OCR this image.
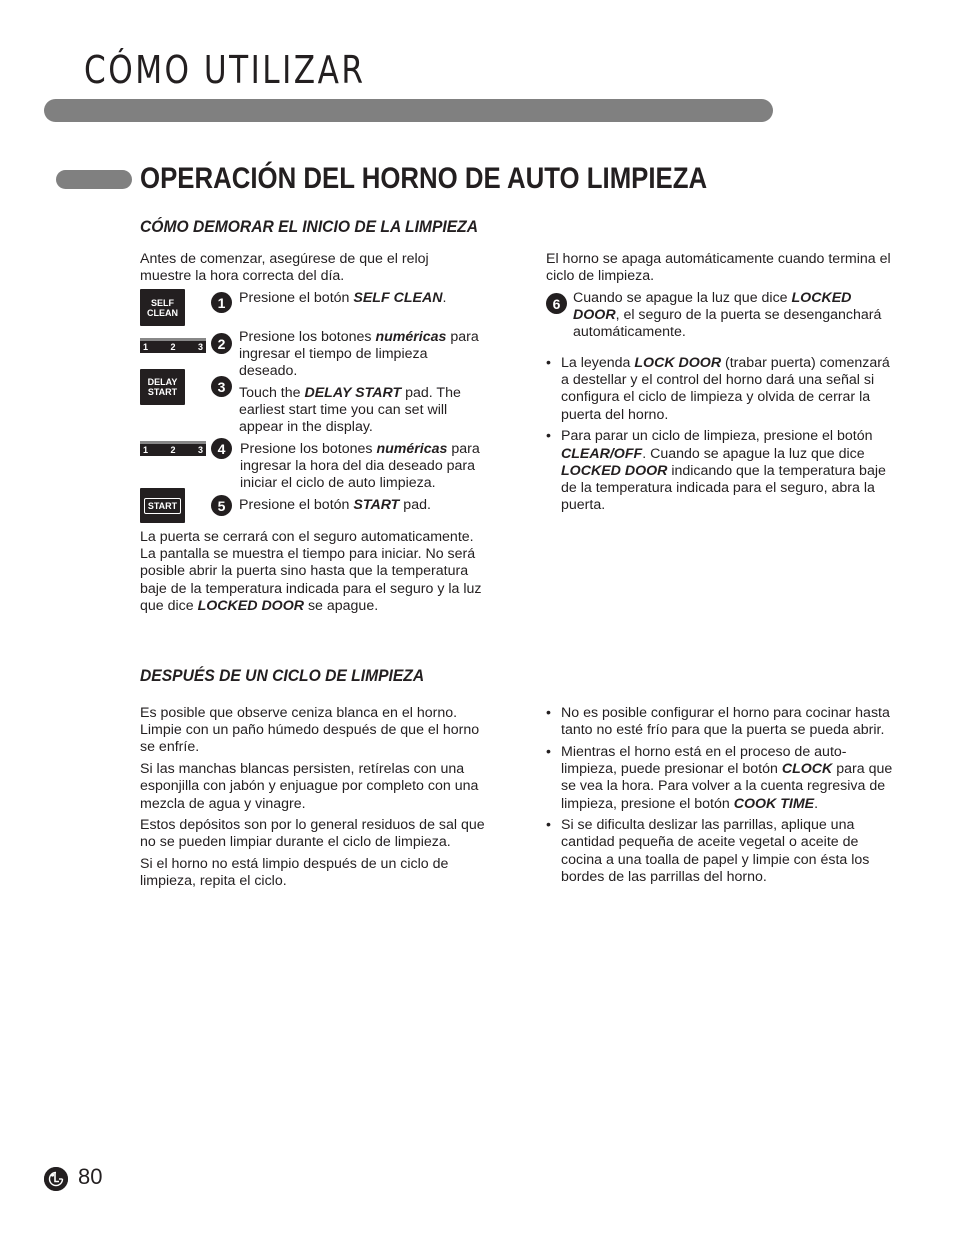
CÓMO UTILIZAR
OPERACIÓN DEL HORNO DE AUTO LIMPIEZA
CÓMO DEMORAR EL INICIO DE LA LIMPIEZA

Antes de comenzar, asegúrese de que el reloj muestre la hora correcta del día.

SELF
CLEAN
1 2 3
DELAY
START
1 2 3
START
1 Presione el botón SELF CLEAN.
2 Presione los botones numéricas para ingresar el tiempo de limpieza deseado.
3 Touch the DELAY START pad. The earliest start time you can set will appear in the display.
4	Presione los botones numéricas para ingresar la hora del dia deseado para iniciar el ciclo de auto limpieza.
5 Presione el botón START pad.

La puerta se cerrará con el seguro automaticamente. La pantalla se muestra el tiempo para iniciar. No será posible abrir la puerta sino hasta que la temperatura baje de la temperatura indicada para el seguro y la luz que dice LOCKED DOOR se apague.

El horno se apaga automáticamente cuando termina el ciclo de limpieza.

6 Cuando se apague la luz que dice LOCKED DOOR, el seguro de la puerta se desenganchará automáticamente.
• La leyenda LOCK DOOR (trabar puerta) comenzará a destellar y el control del horno dará una señal si configura el ciclo de limpieza y olvida de cerrar la puerta del horno.
• Para parar un ciclo de limpieza, presione el botón CLEAR/OFF. Cuando se apague la luz que dice LOCKED DOOR indicando que la temperatura baje de la temperatura indicada para el seguro, abra la puerta.
DESPUÉS DE UN CICLO DE LIMPIEZA

Es posible que observe ceniza blanca en el horno. Limpie con un paño húmedo después de que el horno se enfríe.

Si las manchas blancas persisten, retírelas con una esponjilla con jabón y enjuague por completo con una mezcla de agua y vinagre.

Estos depósitos son por lo general residuos de sal que no se pueden limpiar durante el ciclo de limpieza.

Si el horno no está limpio después de un ciclo de limpieza, repita el ciclo.

• No es posible configurar el horno para cocinar hasta tanto no esté frío para que la puerta se pueda abrir.
• Mientras el horno está en el proceso de auto-limpieza, puede presionar el botón CLOCK para que se vea la hora. Para volver a la cuenta regresiva de limpieza, presione el botón COOK TIME.
• Si se dificulta deslizar las parrillas, aplique una cantidad pequeña de aceite vegetal o aceite de cocina a una toalla de papel y limpie con ésta los bordes de las parrillas del horno.
80
